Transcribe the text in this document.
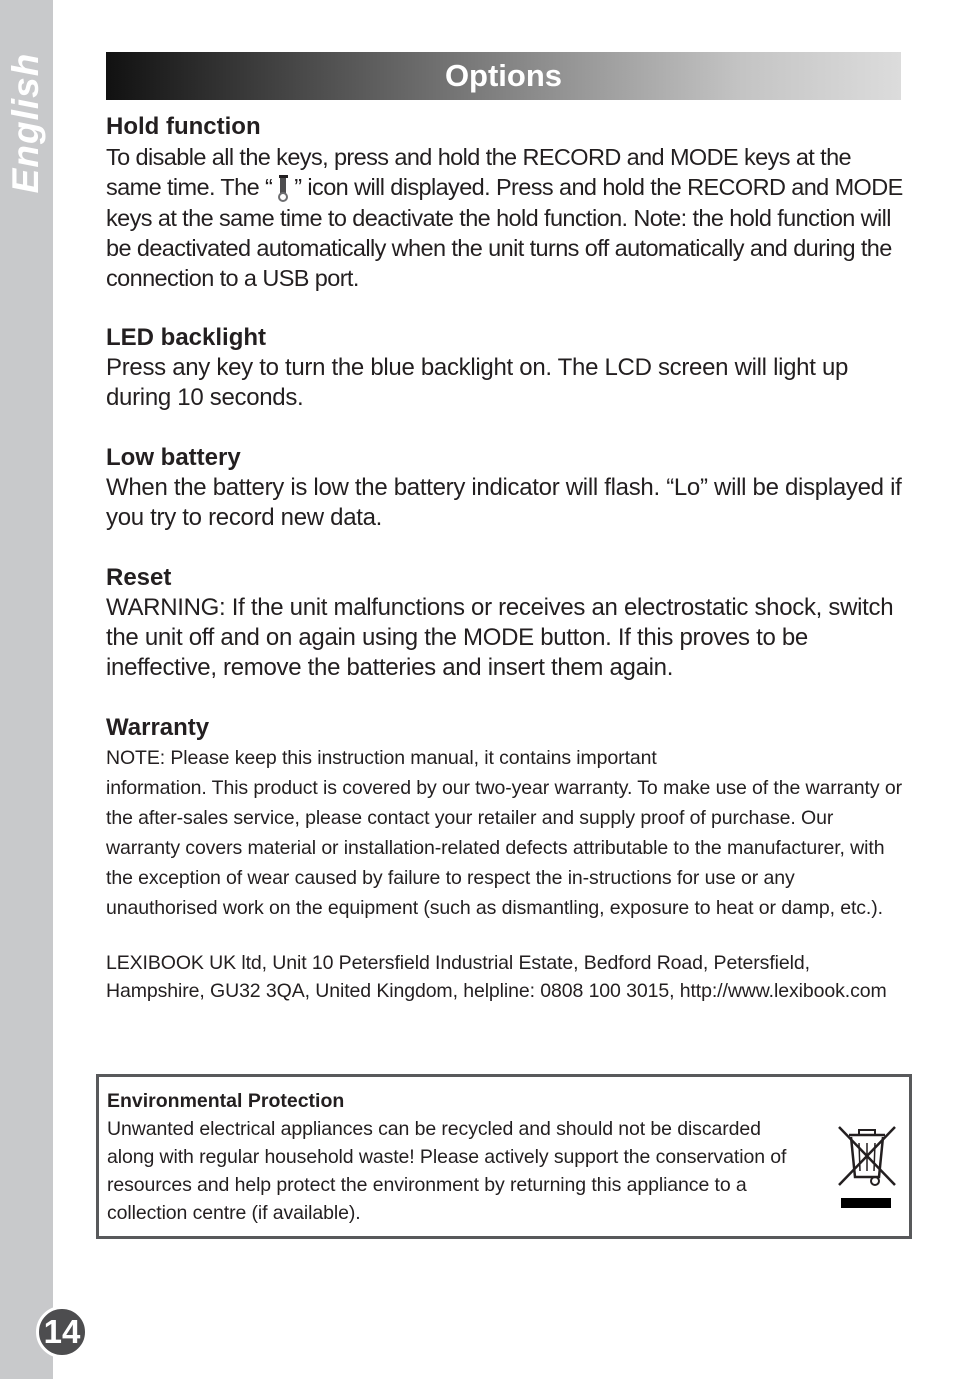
English
14
Options

Hold function

To disable all the keys, press and hold the RECORD and MODE keys at the same time. The “ ” icon will displayed. Press and hold the RECORD and MODE keys at the same time to deactivate the hold function. Note: the hold function will be deactivated automatically when the unit turns off automatically and during the connection to a USB port.

LED backlight

Press any key to turn the blue backlight on. The LCD screen will light up during 10 seconds.

Low battery

When the battery is low the battery indicator will flash. “Lo” will be displayed if you try to record new data.

Reset

WARNING: If the unit malfunctions or receives an electrostatic shock, switch the unit off and on again using the MODE button. If this proves to be ineffective, remove the batteries and insert them again.

Warranty

NOTE: Please keep this instruction manual, it contains important

information. This product is covered by our two-year warranty. To make use of the warranty or the after-sales service, please contact your retailer and supply proof of purchase. Our warranty covers material or installation-related defects attributable to the manufacturer, with the exception of wear caused by failure to respect the in-structions for use or any unauthorised work on the equipment (such as dismantling, exposure to heat or damp, etc.).

LEXIBOOK UK ltd, Unit 10 Petersfield Industrial Estate, Bedford Road, Petersfield, Hampshire, GU32 3QA, United Kingdom, helpline: 0808 100 3015, http://www.lexibook.com

Environmental Protection

Unwanted electrical appliances can be recycled and should not be discarded along with regular household waste! Please actively support the conservation of resources and help protect the environment by returning this appliance to a collection centre (if available).
